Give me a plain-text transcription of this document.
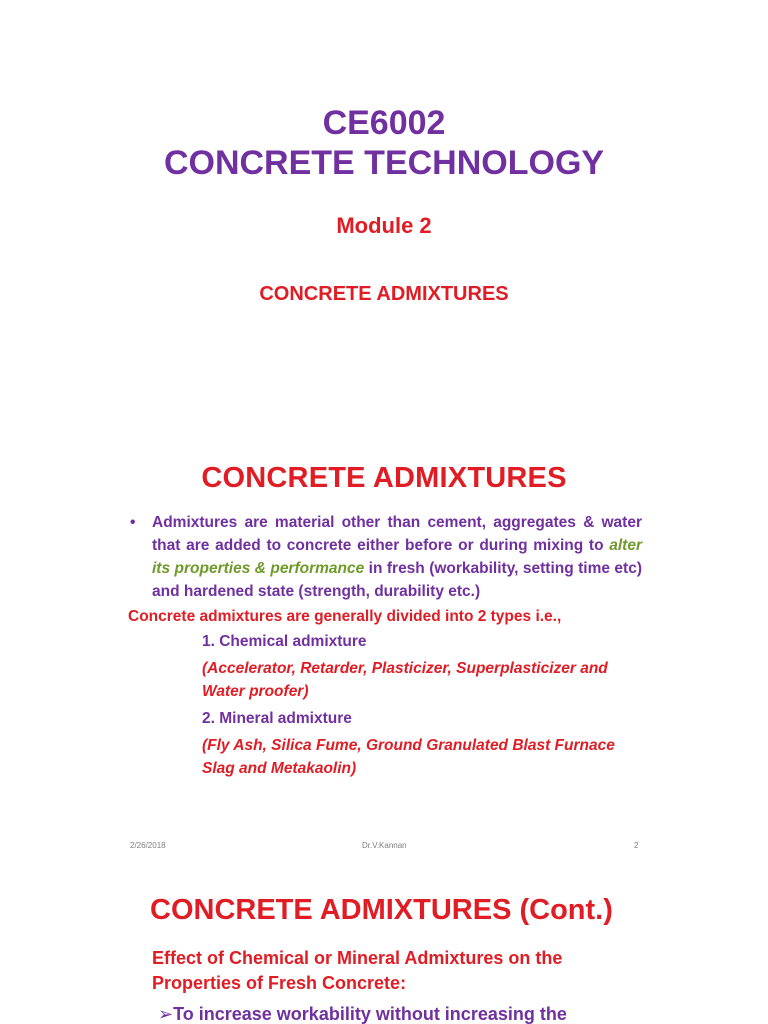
CE6002
CONCRETE TECHNOLOGY
Module 2
CONCRETE ADMIXTURES
CONCRETE ADMIXTURES
•	Admixtures are material other than cement, aggregates & water that are added to concrete either before or during mixing to alter its properties & performance in fresh (workability, setting time etc) and hardened state (strength, durability etc.)
Concrete admixtures are generally divided into 2 types i.e.,
1. Chemical admixture
(Accelerator, Retarder, Plasticizer, Superplasticizer and Water proofer)
2. Mineral admixture
(Fly Ash, Silica Fume, Ground Granulated Blast Furnace Slag and Metakaolin)
2/26/2018	Dr.V.Kannan	2
CONCRETE ADMIXTURES (Cont.)
Effect of Chemical or Mineral Admixtures on the Properties of Fresh Concrete:
➢To increase workability without increasing the
